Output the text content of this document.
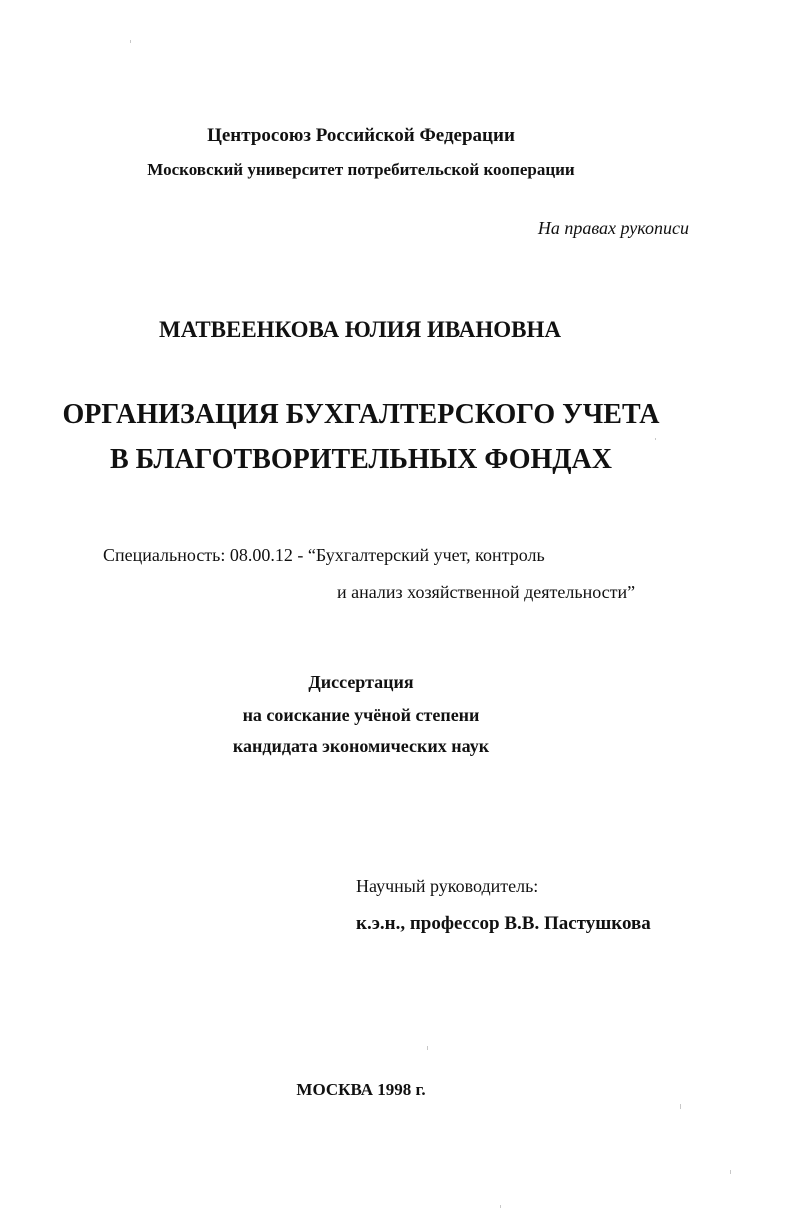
Центросоюз Российской Федерации
Московский университет потребительской кооперации
На правах рукописи
МАТВЕЕНКОВА ЮЛИЯ ИВАНОВНА
ОРГАНИЗАЦИЯ БУХГАЛТЕРСКОГО УЧЕТА
В БЛАГОТВОРИТЕЛЬНЫХ ФОНДАХ
Специальность: 08.00.12 - “Бухгалтерский учет, контроль
и анализ хозяйственной деятельности”
Диссертация
на соискание учёной степени
кандидата экономических наук
Научный руководитель:
к.э.н., профессор В.В. Пастушкова
МОСКВА 1998 г.
